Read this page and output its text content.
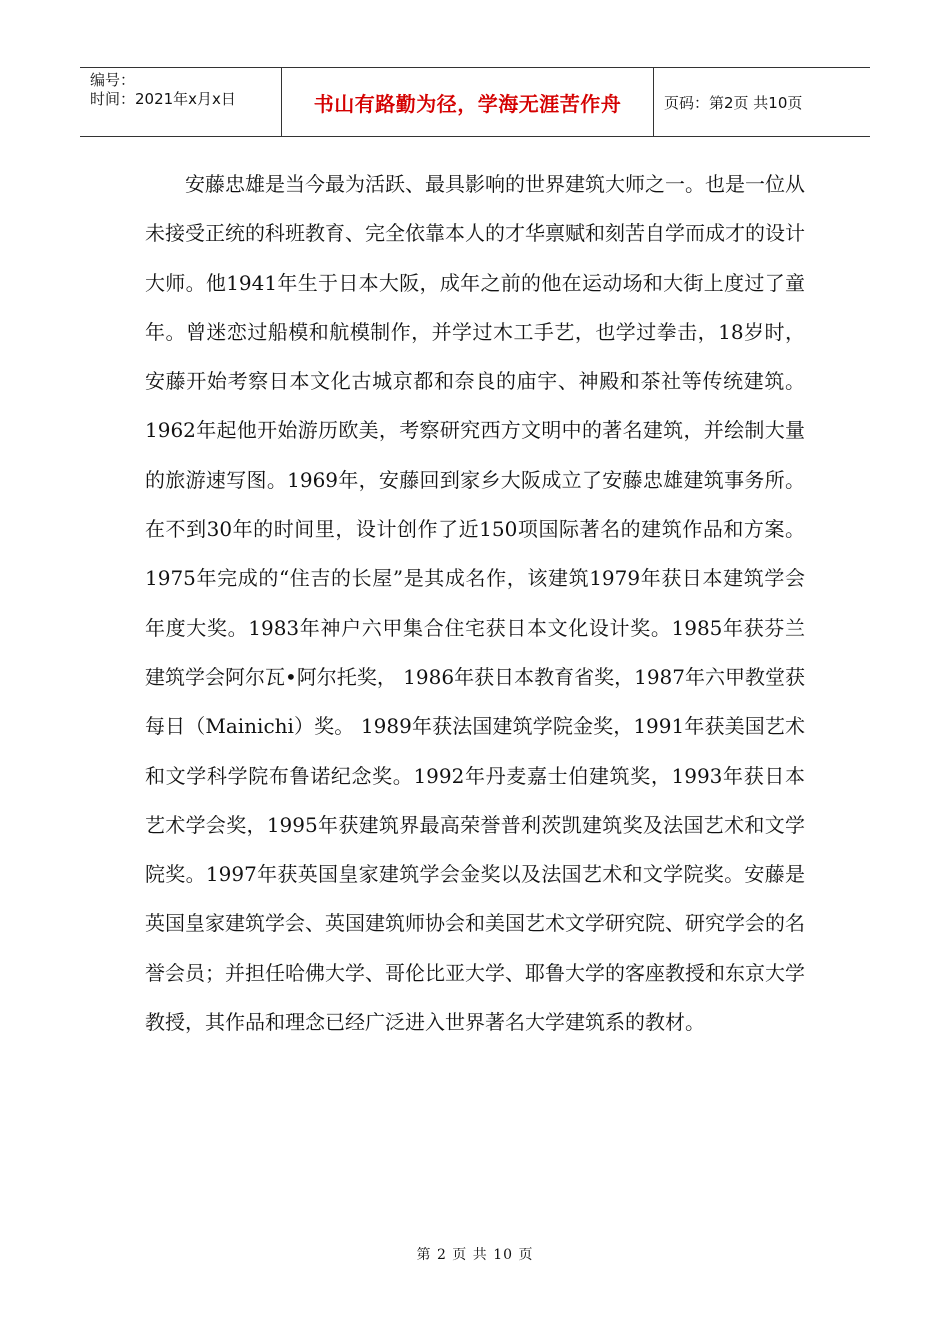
编号：
时间：2021年x月x日	书山有路勤为径，学海无涯苦作舟	页码：第2页 共10页

安藤忠雄是当今最为活跃、最具影响的世界建筑大师之一。也是一位从未接受正统的科班教育、完全依靠本人的才华禀赋和刻苦自学而成才的设计大师。他1941年生于日本大阪，成年之前的他在运动场和大街上度过了童年。曾迷恋过船模和航模制作，并学过木工手艺，也学过拳击，18岁时，安藤开始考察日本文化古城京都和奈良的庙宇、神殿和茶社等传统建筑。1962年起他开始游历欧美，考察研究西方文明中的著名建筑，并绘制大量的旅游速写图。1969年，安藤回到家乡大阪成立了安藤忠雄建筑事务所。在不到30年的时间里，设计创作了近150项国际著名的建筑作品和方案。1975年完成的“住吉的长屋”是其成名作，该建筑1979年获日本建筑学会年度大奖。1983年神户六甲集合住宅获日本文化设计奖。1985年获芬兰建筑学会阿尔瓦•阿尔托奖， 1986年获日本教育省奖，1987年六甲教堂获每日（Mainichi）奖。 1989年获法国建筑学院金奖，1991年获美国艺术和文学科学院布鲁诺纪念奖。1992年丹麦嘉士伯建筑奖，1993年获日本艺术学会奖，1995年获建筑界最高荣誉普利茨凯建筑奖及法国艺术和文学院奖。1997年获英国皇家建筑学会金奖以及法国艺术和文学院奖。安藤是英国皇家建筑学会、英国建筑师协会和美国艺术文学研究院、研究学会的名誉会员；并担任哈佛大学、哥伦比亚大学、耶鲁大学的客座教授和东京大学教授，其作品和理念已经广泛进入世界著名大学建筑系的教材。

第 2 页 共 10 页
